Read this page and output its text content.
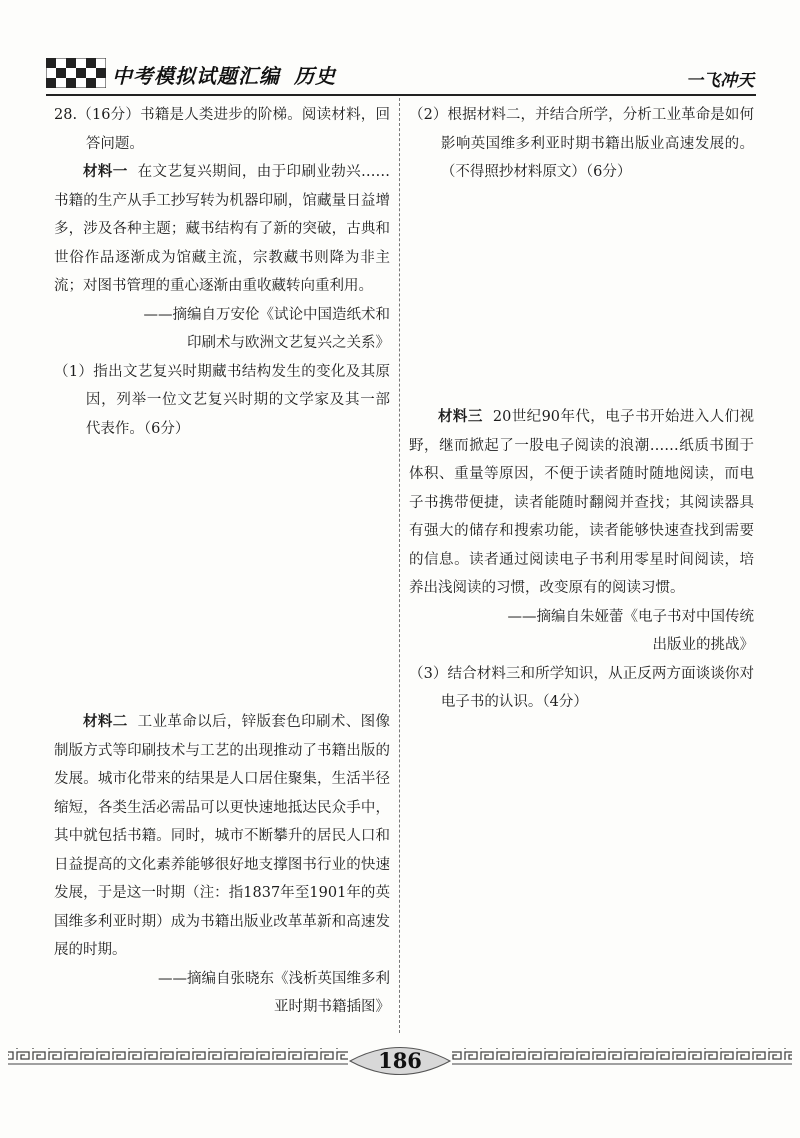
中考模拟试题汇编 历史	一飞冲天

28.（16分）书籍是人类进步的阶梯。阅读材料，回答问题。

材料一 在文艺复兴期间，由于印刷业勃兴……书籍的生产从手工抄写转为机器印刷，馆藏量日益增多，涉及各种主题；藏书结构有了新的突破，古典和世俗作品逐渐成为馆藏主流，宗教藏书则降为非主流；对图书管理的重心逐渐由重收藏转向重利用。

——摘编自万安伦《试论中国造纸术和印刷术与欧洲文艺复兴之关系》

（1）指出文艺复兴时期藏书结构发生的变化及其原因，列举一位文艺复兴时期的文学家及其一部代表作。（6分）

材料二 工业革命以后，锌版套色印刷术、图像制版方式等印刷技术与工艺的出现推动了书籍出版的发展。城市化带来的结果是人口居住聚集，生活半径缩短，各类生活必需品可以更快速地抵达民众手中，其中就包括书籍。同时，城市不断攀升的居民人口和日益提高的文化素养能够很好地支撑图书行业的快速发展，于是这一时期（注：指1837年至1901年的英国维多利亚时期）成为书籍出版业改革革新和高速发展的时期。

——摘编自张晓东《浅析英国维多利亚时期书籍插图》

（2）根据材料二，并结合所学，分析工业革命是如何影响英国维多利亚时期书籍出版业高速发展的。（不得照抄材料原文）（6分）

材料三 20世纪90年代，电子书开始进入人们视野，继而掀起了一股电子阅读的浪潮……纸质书囿于体积、重量等原因，不便于读者随时随地阅读，而电子书携带便捷，读者能随时翻阅并查找；其阅读器具有强大的储存和搜索功能，读者能够快速查找到需要的信息。读者通过阅读电子书利用零星时间阅读，培养出浅阅读的习惯，改变原有的阅读习惯。

——摘编自朱娅蕾《电子书对中国传统出版业的挑战》

（3）结合材料三和所学知识，从正反两方面谈谈你对电子书的认识。（4分）

186
